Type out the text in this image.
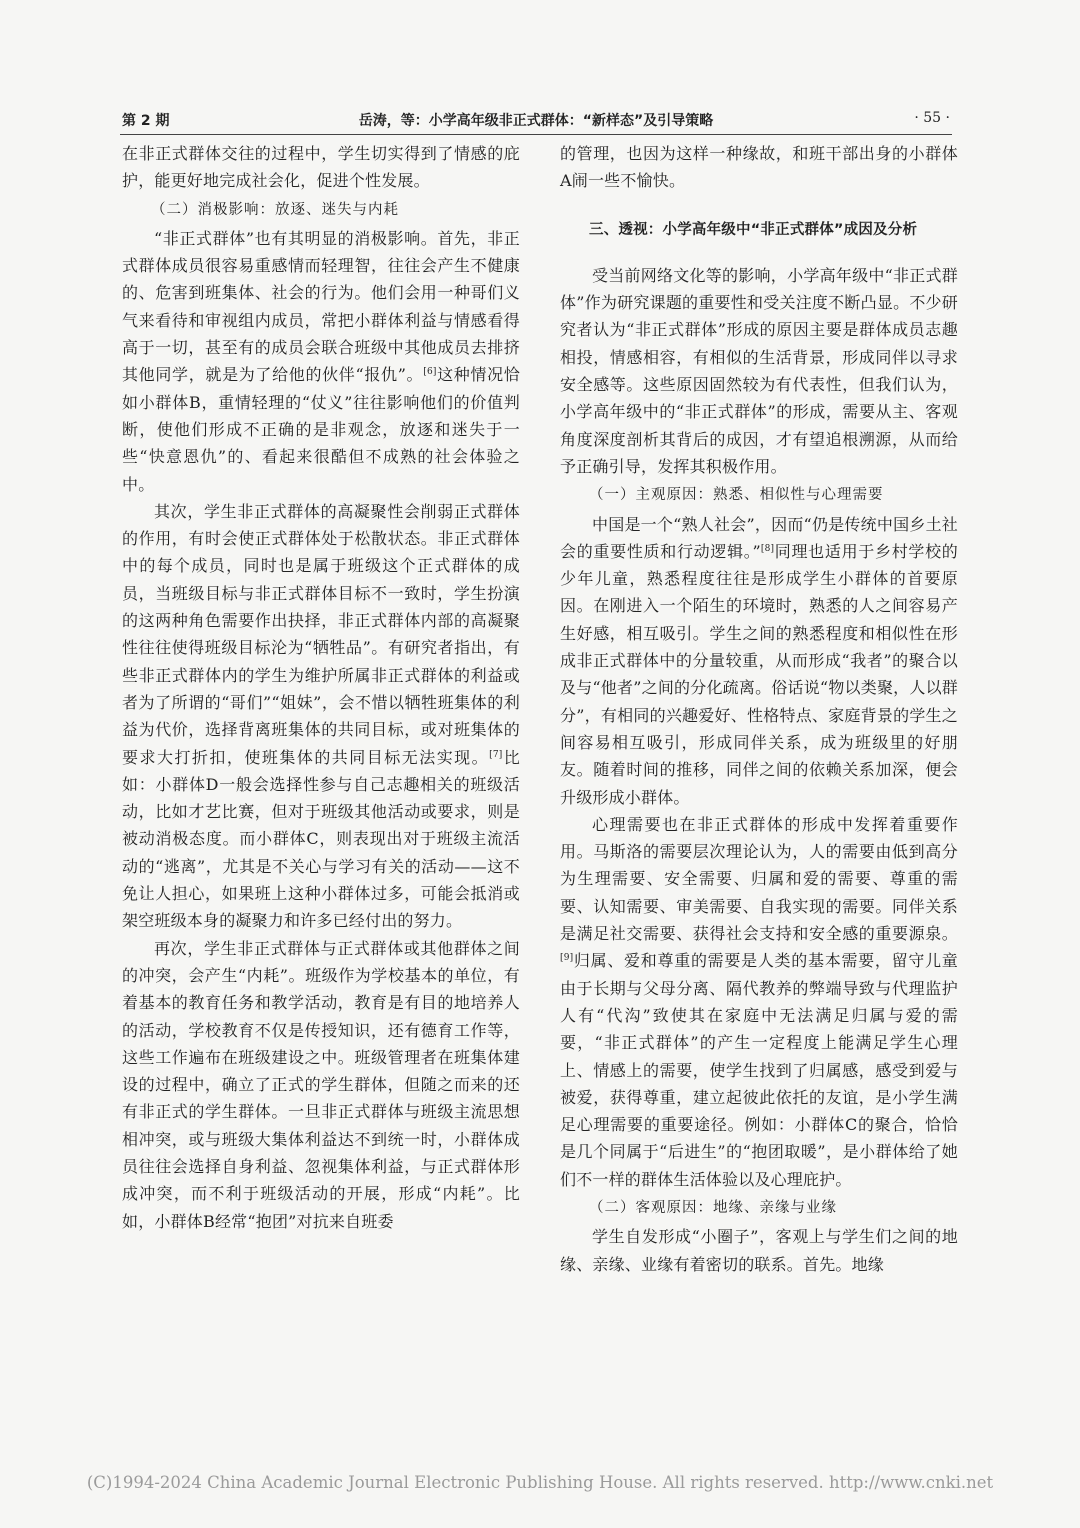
第 2 期	岳涛，等：小学高年级非正式群体：“新样态”及引导策略	· 55 ·

在非正式群体交往的过程中，学生切实得到了情感的庇护，能更好地完成社会化，促进个性发展。

（二）消极影响：放逐、迷失与内耗

“非正式群体”也有其明显的消极影响。首先，非正式群体成员很容易重感情而轻理智，往往会产生不健康的、危害到班集体、社会的行为。他们会用一种哥们义气来看待和审视组内成员，常把小群体利益与情感看得高于一切，甚至有的成员会联合班级中其他成员去排挤其他同学，就是为了给他的伙伴“报仇”。[6]这种情况恰如小群体B，重情轻理的“仗义”往往影响他们的价值判断，使他们形成不正确的是非观念，放逐和迷失于一些“快意恩仇”的、看起来很酷但不成熟的社会体验之中。

其次，学生非正式群体的高凝聚性会削弱正式群体的作用，有时会使正式群体处于松散状态。非正式群体中的每个成员，同时也是属于班级这个正式群体的成员，当班级目标与非正式群体目标不一致时，学生扮演的这两种角色需要作出抉择，非正式群体内部的高凝聚性往往使得班级目标沦为“牺牲品”。有研究者指出，有些非正式群体内的学生为维护所属非正式群体的利益或者为了所谓的“哥们”“姐妹”，会不惜以牺牲班集体的利益为代价，选择背离班集体的共同目标，或对班集体的要求大打折扣，使班集体的共同目标无法实现。[7]比如：小群体D一般会选择性参与自己志趣相关的班级活动，比如才艺比赛，但对于班级其他活动或要求，则是被动消极态度。而小群体C，则表现出对于班级主流活动的“逃离”，尤其是不关心与学习有关的活动——这不免让人担心，如果班上这种小群体过多，可能会抵消或架空班级本身的凝聚力和许多已经付出的努力。

再次，学生非正式群体与正式群体或其他群体之间的冲突，会产生“内耗”。班级作为学校基本的单位，有着基本的教育任务和教学活动，教育是有目的地培养人的活动，学校教育不仅是传授知识，还有德育工作等，这些工作遍布在班级建设之中。班级管理者在班集体建设的过程中，确立了正式的学生群体，但随之而来的还有非正式的学生群体。一旦非正式群体与班级主流思想相冲突，或与班级大集体利益达不到统一时，小群体成员往往会选择自身利益、忽视集体利益，与正式群体形成冲突，而不利于班级活动的开展，形成“内耗”。比如，小群体B经常“抱团”对抗来自班委

的管理，也因为这样一种缘故，和班干部出身的小群体A闹一些不愉快。

三、透视：小学高年级中“非正式群体”成因及分析

受当前网络文化等的影响，小学高年级中“非正式群体”作为研究课题的重要性和受关注度不断凸显。不少研究者认为“非正式群体”形成的原因主要是群体成员志趣相投，情感相容，有相似的生活背景，形成同伴以寻求安全感等。这些原因固然较为有代表性，但我们认为，小学高年级中的“非正式群体”的形成，需要从主、客观角度深度剖析其背后的成因，才有望追根溯源，从而给予正确引导，发挥其积极作用。

（一）主观原因：熟悉、相似性与心理需要

中国是一个“熟人社会”，因而“仍是传统中国乡土社会的重要性质和行动逻辑。”[8]同理也适用于乡村学校的少年儿童，熟悉程度往往是形成学生小群体的首要原因。在刚进入一个陌生的环境时，熟悉的人之间容易产生好感，相互吸引。学生之间的熟悉程度和相似性在形成非正式群体中的分量较重，从而形成“我者”的聚合以及与“他者”之间的分化疏离。俗话说“物以类聚，人以群分”，有相同的兴趣爱好、性格特点、家庭背景的学生之间容易相互吸引，形成同伴关系，成为班级里的好朋友。随着时间的推移，同伴之间的依赖关系加深，便会升级形成小群体。

心理需要也在非正式群体的形成中发挥着重要作用。马斯洛的需要层次理论认为，人的需要由低到高分为生理需要、安全需要、归属和爱的需要、尊重的需要、认知需要、审美需要、自我实现的需要。同伴关系是满足社交需要、获得社会支持和安全感的重要源泉。[9]归属、爱和尊重的需要是人类的基本需要，留守儿童由于长期与父母分离、隔代教养的弊端导致与代理监护人有“代沟”致使其在家庭中无法满足归属与爱的需要，“非正式群体”的产生一定程度上能满足学生心理上、情感上的需要，使学生找到了归属感，感受到爱与被爱，获得尊重，建立起彼此依托的友谊，是小学生满足心理需要的重要途径。例如：小群体C的聚合，恰恰是几个同属于“后进生”的“抱团取暖”，是小群体给了她们不一样的群体生活体验以及心理庇护。

（二）客观原因：地缘、亲缘与业缘

学生自发形成“小圈子”，客观上与学生们之间的地缘、亲缘、业缘有着密切的联系。首先。地缘

(C)1994-2024 China Academic Journal Electronic Publishing House. All rights reserved. http://www.cnki.net
